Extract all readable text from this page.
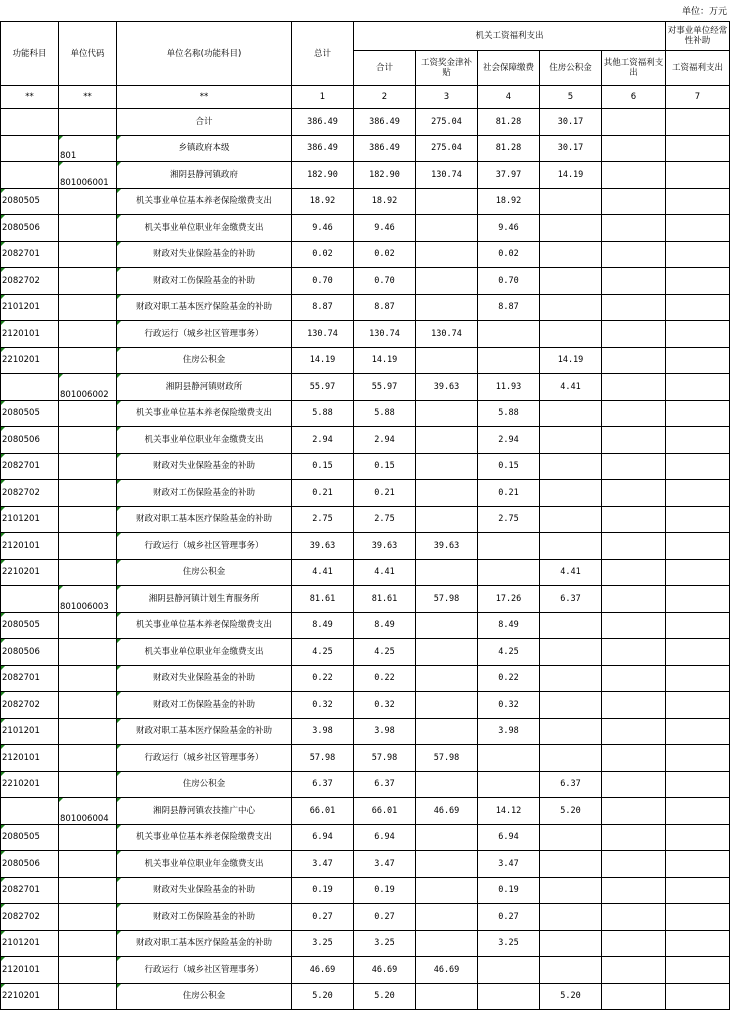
单位：万元
功能科目	单位代码	单位名称(功能科目)	总计	机关工资福利支出					对事业单位经常性补助
				合计	工资奖金津补贴	社会保障缴费	住房公积金	其他工资福利支出	工资福利支出
**	**	**	1	2	3	4	5	6	7
		合计	386.49	386.49	275.04	81.28	30.17		
	801	乡镇政府本级	386.49	386.49	275.04	81.28	30.17		
	801006001	湘阴县静河镇政府	182.90	182.90	130.74	37.97	14.19		
2080505		机关事业单位基本养老保险缴费支出	18.92	18.92		18.92			
2080506		机关事业单位职业年金缴费支出	9.46	9.46		9.46			
2082701		财政对失业保险基金的补助	0.02	0.02		0.02			
2082702		财政对工伤保险基金的补助	0.70	0.70		0.70			
2101201		财政对职工基本医疗保险基金的补助	8.87	8.87		8.87			
2120101		行政运行（城乡社区管理事务）	130.74	130.74	130.74				
2210201		住房公积金	14.19	14.19			14.19		
	801006002	湘阴县静河镇财政所	55.97	55.97	39.63	11.93	4.41		
2080505		机关事业单位基本养老保险缴费支出	5.88	5.88		5.88			
2080506		机关事业单位职业年金缴费支出	2.94	2.94		2.94			
2082701		财政对失业保险基金的补助	0.15	0.15		0.15			
2082702		财政对工伤保险基金的补助	0.21	0.21		0.21			
2101201		财政对职工基本医疗保险基金的补助	2.75	2.75		2.75			
2120101		行政运行（城乡社区管理事务）	39.63	39.63	39.63				
2210201		住房公积金	4.41	4.41			4.41		
	801006003	湘阴县静河镇计划生育服务所	81.61	81.61	57.98	17.26	6.37		
2080505		机关事业单位基本养老保险缴费支出	8.49	8.49		8.49			
2080506		机关事业单位职业年金缴费支出	4.25	4.25		4.25			
2082701		财政对失业保险基金的补助	0.22	0.22		0.22			
2082702		财政对工伤保险基金的补助	0.32	0.32		0.32			
2101201		财政对职工基本医疗保险基金的补助	3.98	3.98		3.98			
2120101		行政运行（城乡社区管理事务）	57.98	57.98	57.98				
2210201		住房公积金	6.37	6.37			6.37		
	801006004	湘阴县静河镇农技推广中心	66.01	66.01	46.69	14.12	5.20		
2080505		机关事业单位基本养老保险缴费支出	6.94	6.94		6.94			
2080506		机关事业单位职业年金缴费支出	3.47	3.47		3.47			
2082701		财政对失业保险基金的补助	0.19	0.19		0.19			
2082702		财政对工伤保险基金的补助	0.27	0.27		0.27			
2101201		财政对职工基本医疗保险基金的补助	3.25	3.25		3.25			
2120101		行政运行（城乡社区管理事务）	46.69	46.69	46.69				
2210201		住房公积金	5.20	5.20			5.20		
